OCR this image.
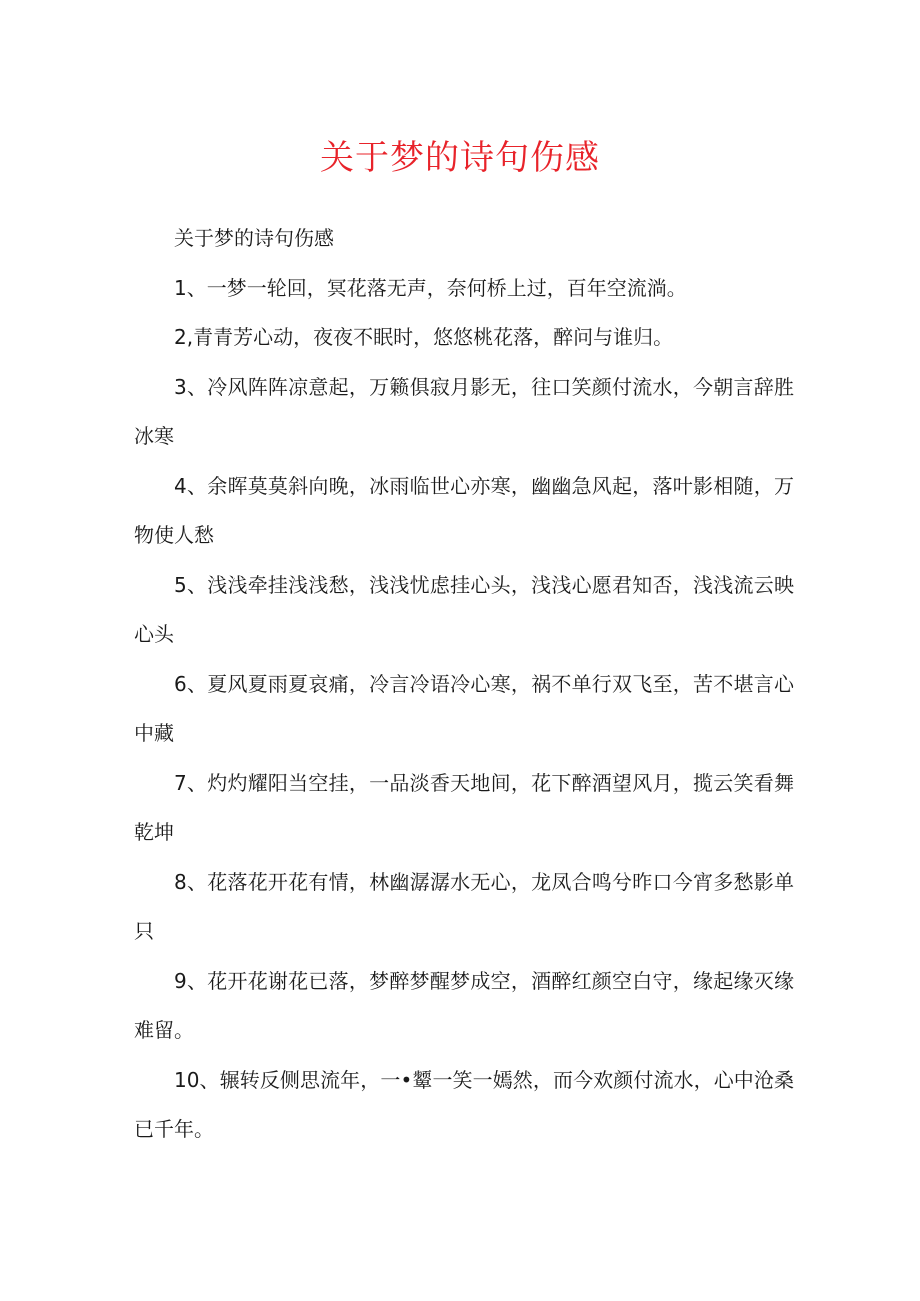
关于梦的诗句伤感

关于梦的诗句伤感

1、一梦一轮回，冥花落无声，奈何桥上过，百年空流淌。

2,青青芳心动，夜夜不眠时，悠悠桃花落，醉问与谁归。

3、冷风阵阵凉意起，万籁俱寂月影无，往口笑颜付流水，今朝言辞胜冰寒

4、余晖莫莫斜向晚，冰雨临世心亦寒，幽幽急风起，落叶影相随，万物使人愁

5、浅浅牵挂浅浅愁，浅浅忧虑挂心头，浅浅心愿君知否，浅浅流云映心头

6、夏风夏雨夏哀痛，冷言冷语冷心寒，祸不单行双飞至，苦不堪言心中藏

7、灼灼耀阳当空挂，一品淡香天地间，花下醉酒望风月，揽云笑看舞乾坤

8、花落花开花有情，林幽潺潺水无心，龙凤合鸣兮昨口今宵多愁影单只

9、花开花谢花已落，梦醉梦醒梦成空，酒醉红颜空白守，缘起缘灭缘难留。

10、辗转反侧思流年，一•颦一笑一嫣然，而今欢颜付流水，心中沧桑已千年。
